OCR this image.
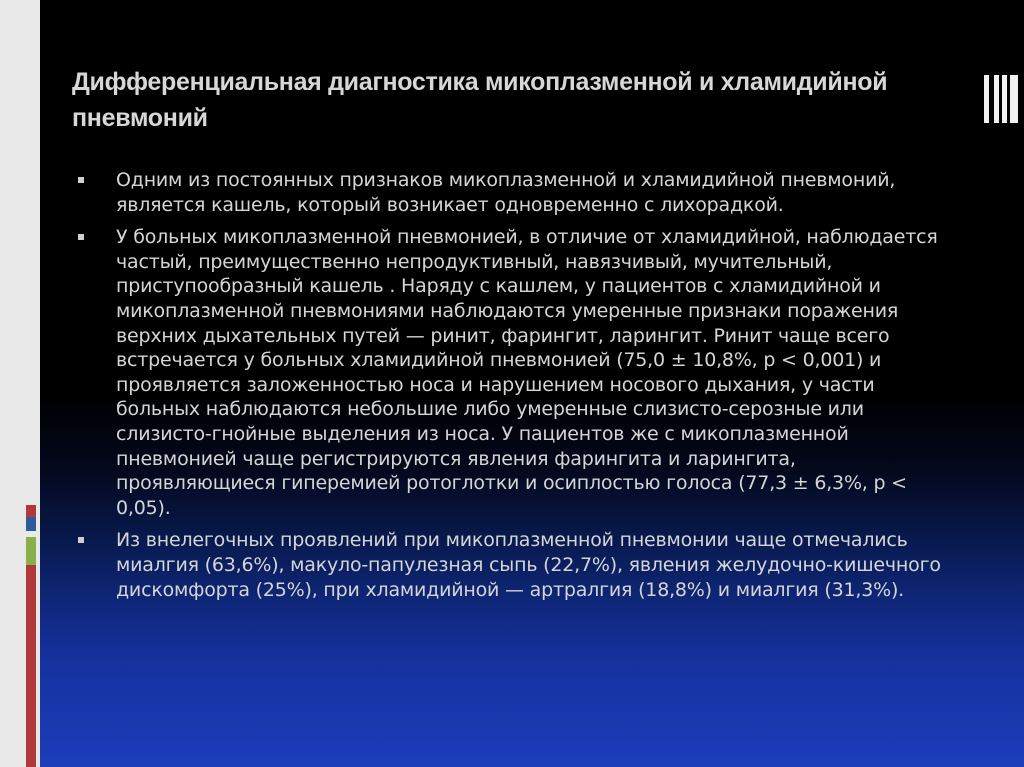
Дифференциальная диагностика микоплазменной и хламидийной пневмоний
Одним из постоянных признаков микоплазменной и хламидийной пневмоний, является кашель, который возникает одновременно с лихорадкой.
У больных микоплазменной пневмонией, в отличие от хламидийной, наблюдается частый, преимущественно непродуктивный, навязчивый, мучительный, приступообразный кашель . Наряду с кашлем, у пациентов с хламидийной и микоплазменной пневмониями наблюдаются умеренные признаки поражения верхних дыхательных путей — ринит, фарингит, ларингит. Ринит чаще всего встречается у больных хламидийной пневмонией (75,0 ± 10,8%, р < 0,001) и проявляется заложенностью носа и нарушением носового дыхания, у части больных наблюдаются небольшие либо умеренные слизисто-серозные или слизисто-гнойные выделения из носа. У пациентов же с микоплазменной пневмонией чаще регистрируются явления фарингита и ларингита, проявляющиеся гиперемией ротоглотки и осиплостью голоса (77,3 ± 6,3%, р < 0,05).
Из внелегочных проявлений при микоплазменной пневмонии чаще отмечались миалгия (63,6%), макуло-папулезная сыпь (22,7%), явления желудочно-кишечного дискомфорта (25%), при хламидийной — артралгия (18,8%) и миалгия (31,3%).
